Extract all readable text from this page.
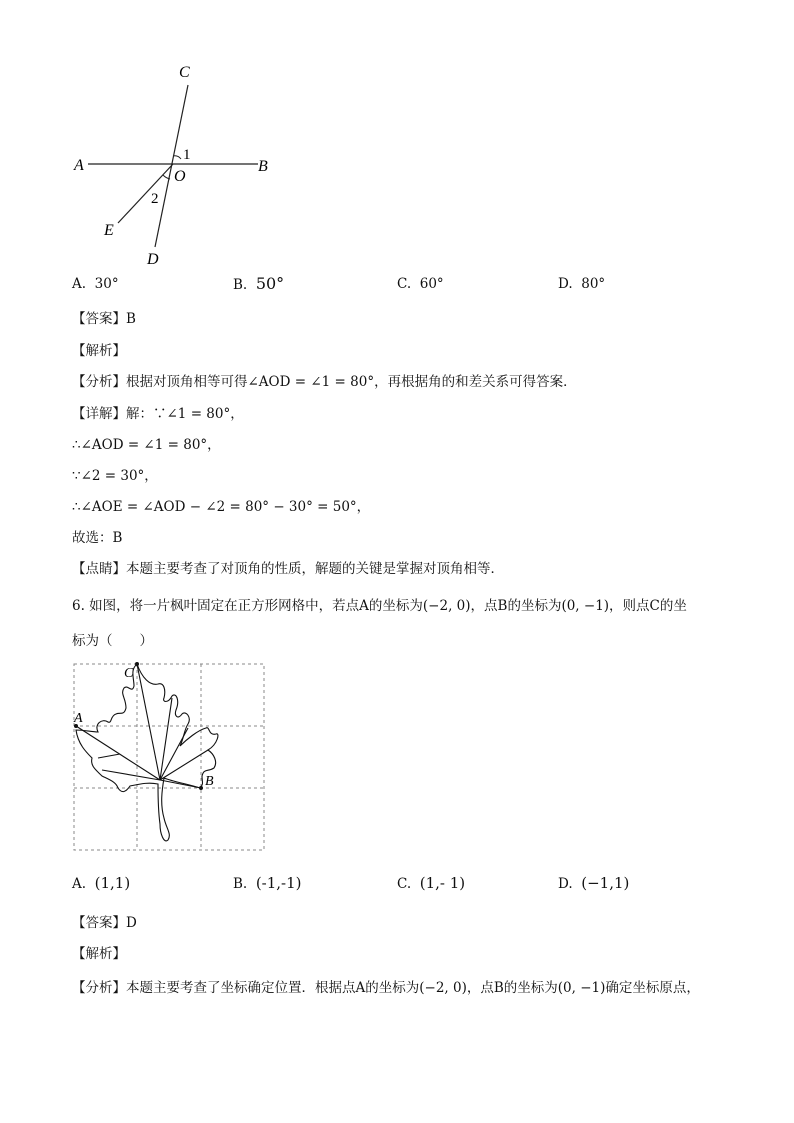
C
A	B
O
1
2
E
D
A. 30°	B. 50°	C. 60°	D. 80°
【答案】B
【解析】
【分析】根据对顶角相等可得∠AOD = ∠1 = 80°，再根据角的和差关系可得答案．
【详解】解：∵∠1 = 80°，
∴∠AOD = ∠1 = 80°，
∵∠2 = 30°，
∴∠AOE = ∠AOD − ∠2 = 80° − 30° = 50°，
故选：B
【点睛】本题主要考查了对顶角的性质，解题的关键是掌握对顶角相等．
6. 如图，将一片枫叶固定在正方形网格中，若点A的坐标为(−2, 0)，点B的坐标为(0, −1)，则点C的坐
标为（　　）
C
A
B
A. (1,1)	B. (-1,-1)	C. (1,- 1)	D. (−1,1)
【答案】D
【解析】
【分析】本题主要考查了坐标确定位置．根据点A的坐标为(−2, 0)，点B的坐标为(0, −1)确定坐标原点，
